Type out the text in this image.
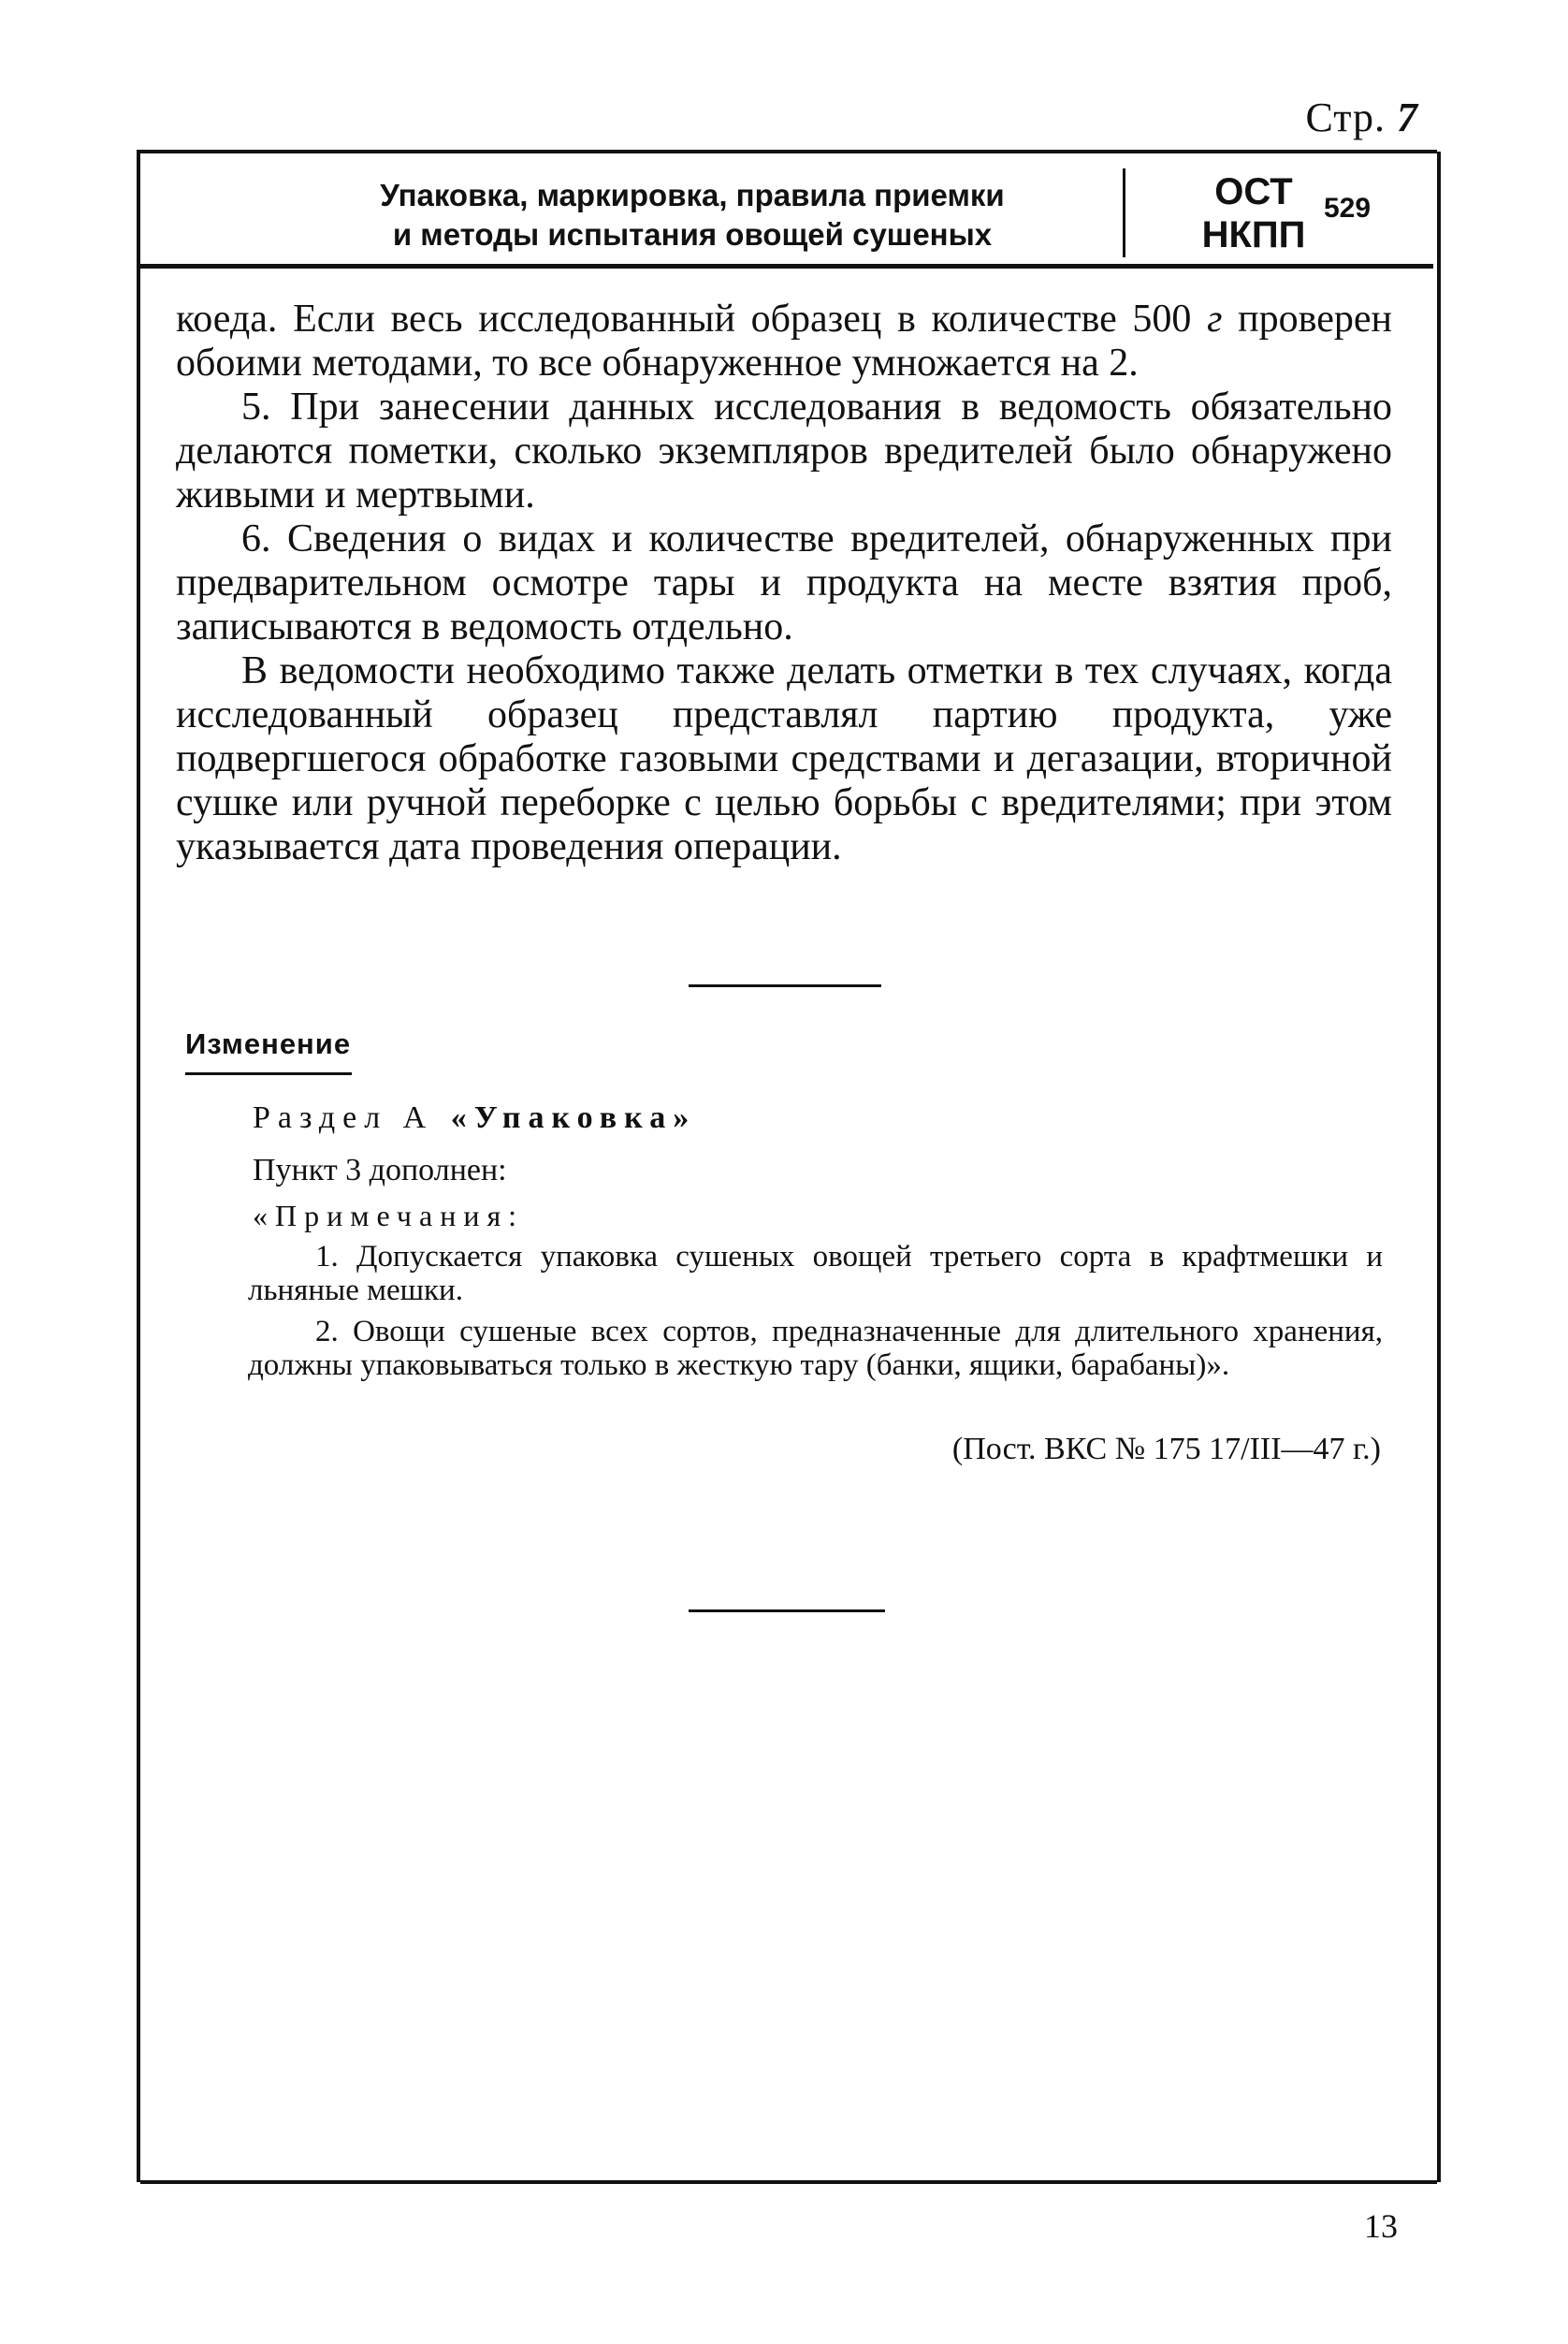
Стр. 7
Упаковка, маркировка, правила приемки
и методы испытания овощей сушеных
ОСТ
НКПП
529

коеда. Если весь исследованный образец в количестве 500 г проверен обоими методами, то все обнаруженное умножается на 2.

5. При занесении данных исследования в ведомость обязательно делаются пометки, сколько экземпляров вредителей было обнаружено живыми и мертвыми.

6. Сведения о видах и количестве вредителей, обнаруженных при предварительном осмотре тары и продукта на месте взятия проб, записываются в ведомость отдельно.

В ведомости необходимо также делать отметки в тех случаях, когда исследованный образец представлял партию продукта, уже подвергшегося обработке газовыми средствами и дегазации, вторичной сушке или ручной переборке с целью борьбы с вредителями; при этом указывается дата проведения операции.

Изменение
Раздел А «Упаковка»
Пункт 3 дополнен:
«Примечания:

1. Допускается упаковка сушеных овощей третьего сорта в крафтмешки и льняные мешки.

2. Овощи сушеные всех сортов, предназначенные для длительного хранения, должны упаковываться только в жесткую тару (банки, ящики, барабаны)».

(Пост. ВКС № 175 17/III—47 г.)
13
